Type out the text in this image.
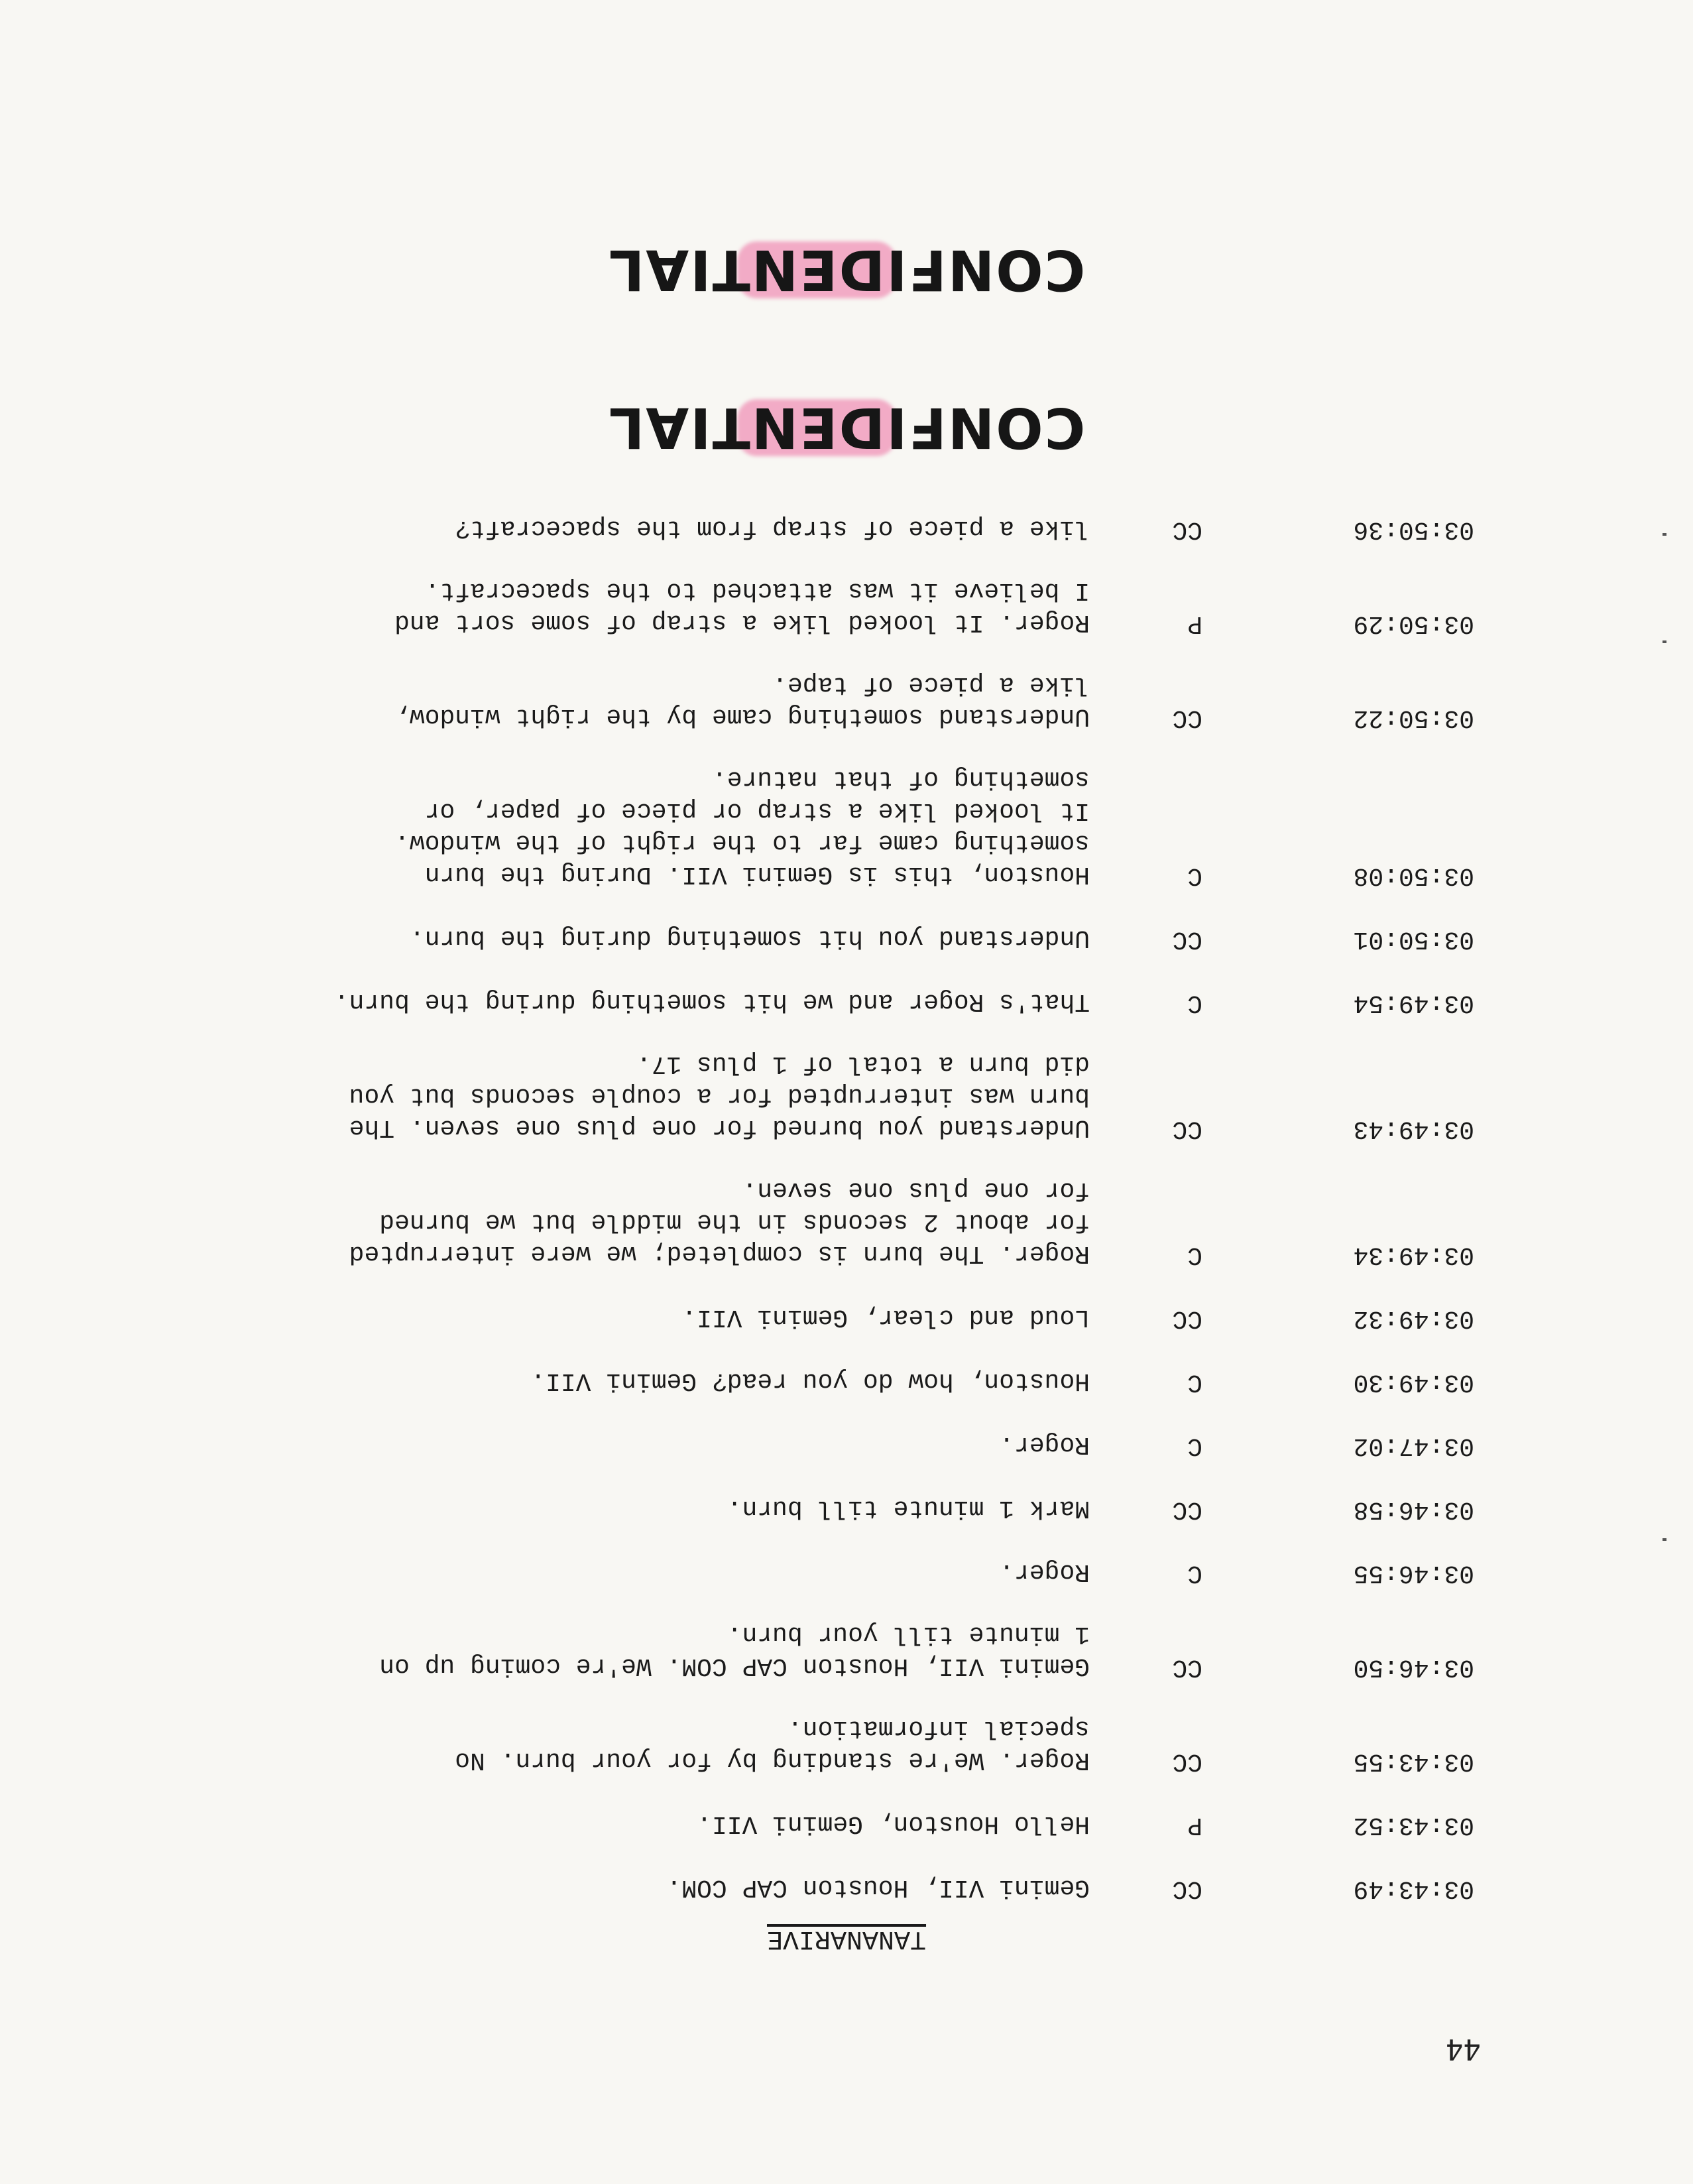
44
CONFIDENTIAL
TANANARIVE
03:43:49
CC
Gemini VII, Houston CAP COM.
03:43:52
P
Hello Houston, Gemini VII.
03:43:55
CC
Roger. We're standing by for your burn. No
special information.
03:46:50
CC
Gemini VII, Houston CAP COM. We're coming up on
1 minute till your burn.
03:46:55
C
Roger.
03:46:58
CC
Mark 1 minute till burn.
03:47:02
C
Roger.
03:49:30
C
Houston, how do you read? Gemini VII.
03:49:32
CC
Loud and clear, Gemini VII.
03:49:34
C
Roger. The burn is completed; we were interrupted
for about 2 seconds in the middle but we burned
for one plus one seven.
03:49:43
CC
Understand you burned for one plus one seven. The
burn was interrupted for a couple seconds but you
did burn a total of 1 plus 17.
03:49:54
C
That's Roger and we hit something during the burn.
03:50:01
CC
Understand you hit something during the burn.
03:50:08
C
Houston, this is Gemini VII. During the burn
something came far to the right of the window.
It looked like a strap or piece of paper, or
something of that nature.
03:50:22
CC
Understand something came by the right window,
like a piece of tape.
03:50:29
P
Roger. It looked like a strap of some sort and
I believe it was attached to the spacecraft.
03:50:36
CC
like a piece of strap from the spacecraft?
CONFIDENTIAL
